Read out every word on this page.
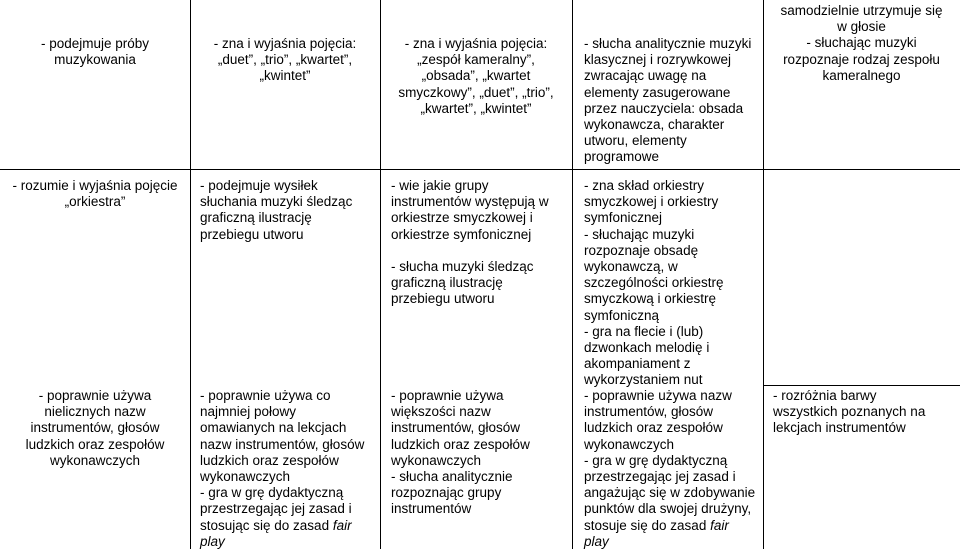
- podejmuje próby
muzykowania
- zna i wyjaśnia pojęcia:
„duet”, „trio”, „kwartet”,
„kwintet”
- zna i wyjaśnia pojęcia:
„zespół kameralny”,
„obsada”, „kwartet
smyczkowy”, „duet”, „trio”,
„kwartet”, „kwintet”
- słucha analitycznie muzyki
klasycznej i rozrywkowej
zwracając uwagę na
elementy zasugerowane
przez nauczyciela: obsada
wykonawcza, charakter
utworu, elementy
programowe
samodzielnie utrzymuje się
w głosie
- słuchając muzyki
rozpoznaje rodzaj zespołu
kameralnego
- rozumie i wyjaśnia pojęcie
„orkiestra”
- podejmuje wysiłek
słuchania muzyki śledząc
graficzną ilustrację
przebiegu utworu
- wie jakie grupy
instrumentów występują w
orkiestrze smyczkowej i
orkiestrze symfonicznej

- słucha muzyki śledząc
graficzną ilustrację
przebiegu utworu
- zna skład orkiestry
smyczkowej i orkiestry
symfonicznej
- słuchając muzyki
rozpoznaje obsadę
wykonawczą, w
szczególności orkiestrę
smyczkową i orkiestrę
symfoniczną
- gra na flecie i (lub)
dzwonkach melodię i
akompaniament z
wykorzystaniem nut
- poprawnie używa
nielicznych nazw
instrumentów, głosów
ludzkich oraz zespołów
wykonawczych
- poprawnie używa co
najmniej połowy
omawianych na lekcjach
nazw instrumentów, głosów
ludzkich oraz zespołów
wykonawczych
- gra w grę dydaktyczną
przestrzegając jej zasad i
stosując się do zasad fair
play
- poprawnie używa
większości nazw
instrumentów, głosów
ludzkich oraz zespołów
wykonawczych
- słucha analitycznie
rozpoznając grupy
instrumentów
- poprawnie używa nazw
instrumentów, głosów
ludzkich oraz zespołów
wykonawczych
- gra w grę dydaktyczną
przestrzegając jej zasad i
angażując się w zdobywanie
punktów dla swojej drużyny,
stosuje się do zasad fair
play
- rozróżnia barwy
wszystkich poznanych na
lekcjach instrumentów
